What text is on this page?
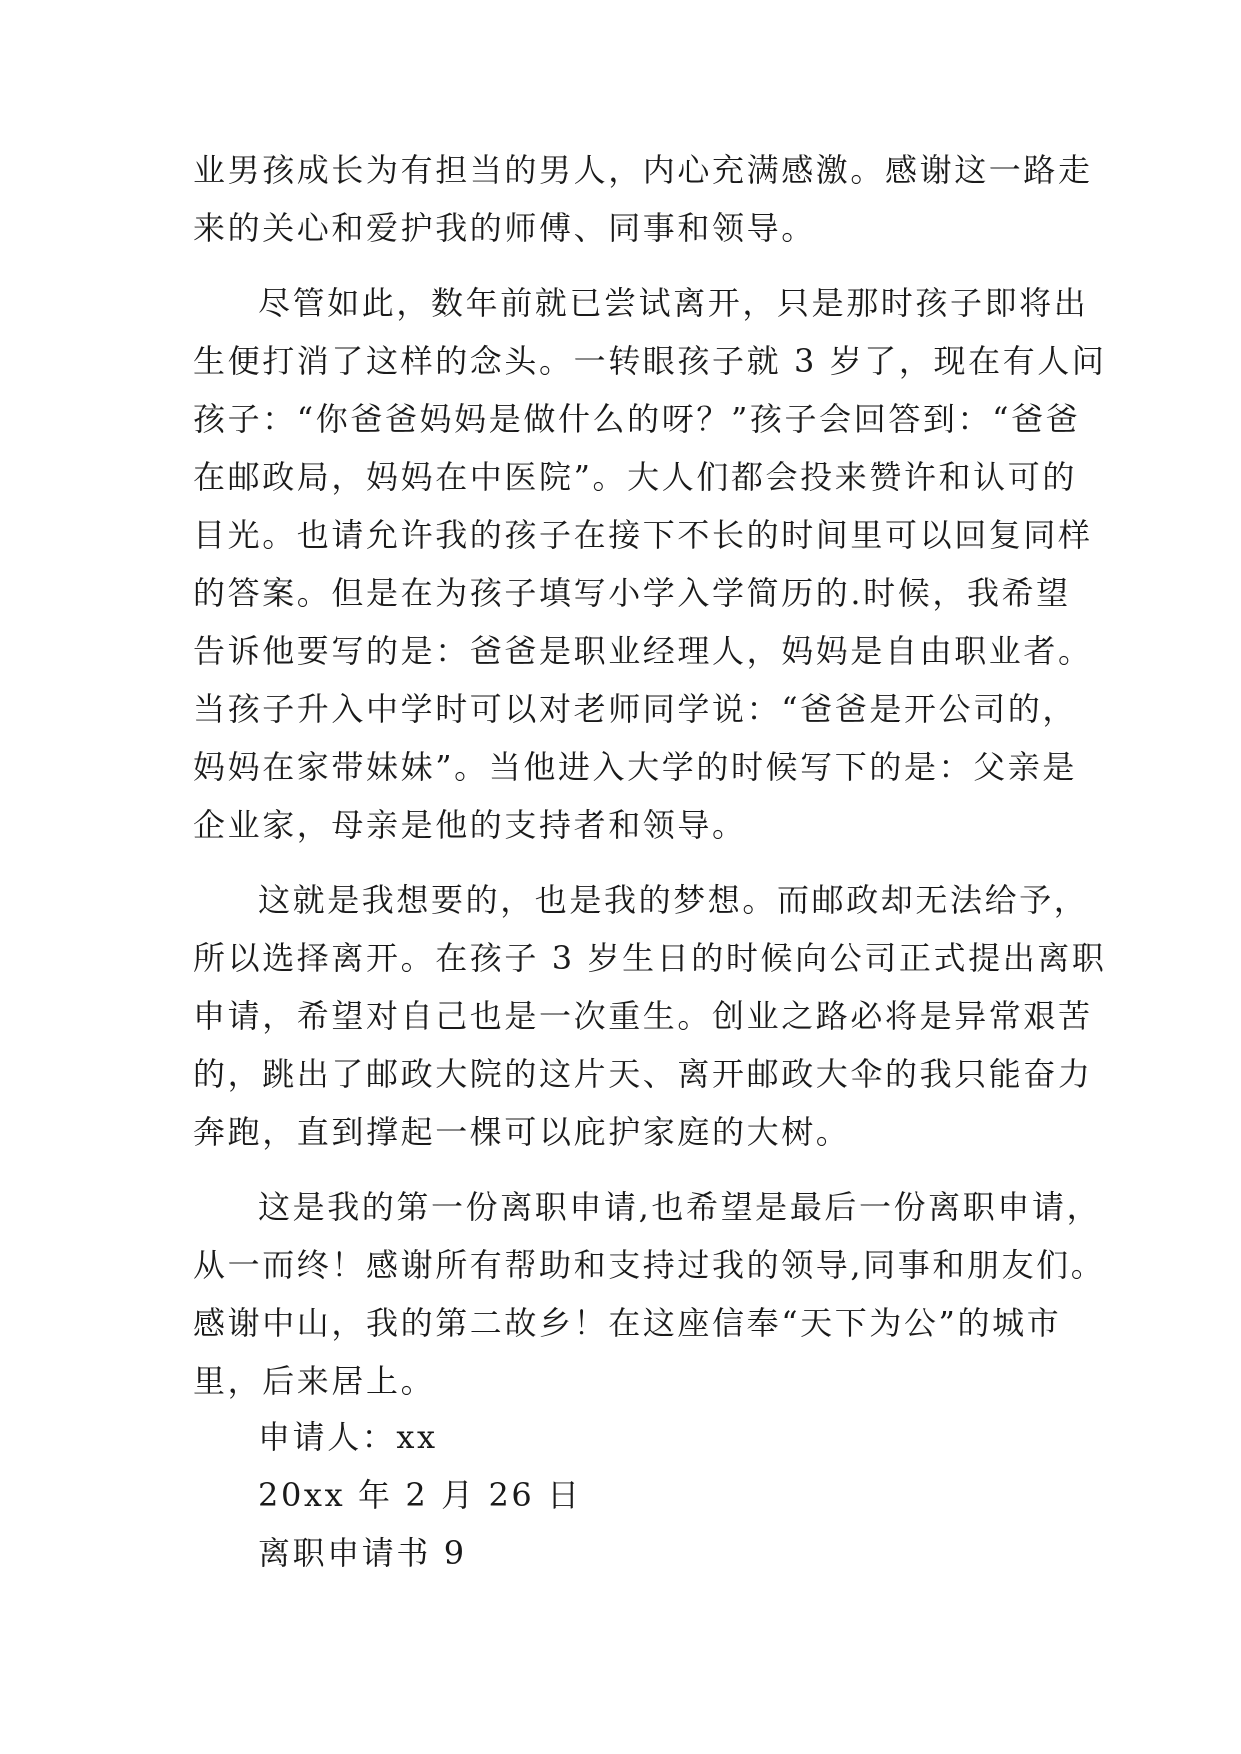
业男孩成长为有担当的男人，内心充满感激。感谢这一路走
来的关心和爱护我的师傅、同事和领导。
尽管如此，数年前就已尝试离开，只是那时孩子即将出
生便打消了这样的念头。一转眼孩子就 3 岁了，现在有人问
孩子：“你爸爸妈妈是做什么的呀？”孩子会回答到：“爸爸
在邮政局，妈妈在中医院”。大人们都会投来赞许和认可的
目光。也请允许我的孩子在接下不长的时间里可以回复同样
的答案。但是在为孩子填写小学入学简历的.时候，我希望
告诉他要写的是：爸爸是职业经理人，妈妈是自由职业者。
当孩子升入中学时可以对老师同学说：“爸爸是开公司的，
妈妈在家带妹妹”。当他进入大学的时候写下的是：父亲是
企业家，母亲是他的支持者和领导。
这就是我想要的，也是我的梦想。而邮政却无法给予，
所以选择离开。在孩子 3 岁生日的时候向公司正式提出离职
申请，希望对自己也是一次重生。创业之路必将是异常艰苦
的，跳出了邮政大院的这片天、离开邮政大伞的我只能奋力
奔跑，直到撑起一棵可以庇护家庭的大树。
这是我的第一份离职申请,也希望是最后一份离职申请，
从一而终！感谢所有帮助和支持过我的领导,同事和朋友们。
感谢中山，我的第二故乡！在这座信奉“天下为公”的城市
里，后来居上。
申请人：xx
20xx 年 2 月 26 日
离职申请书 9
